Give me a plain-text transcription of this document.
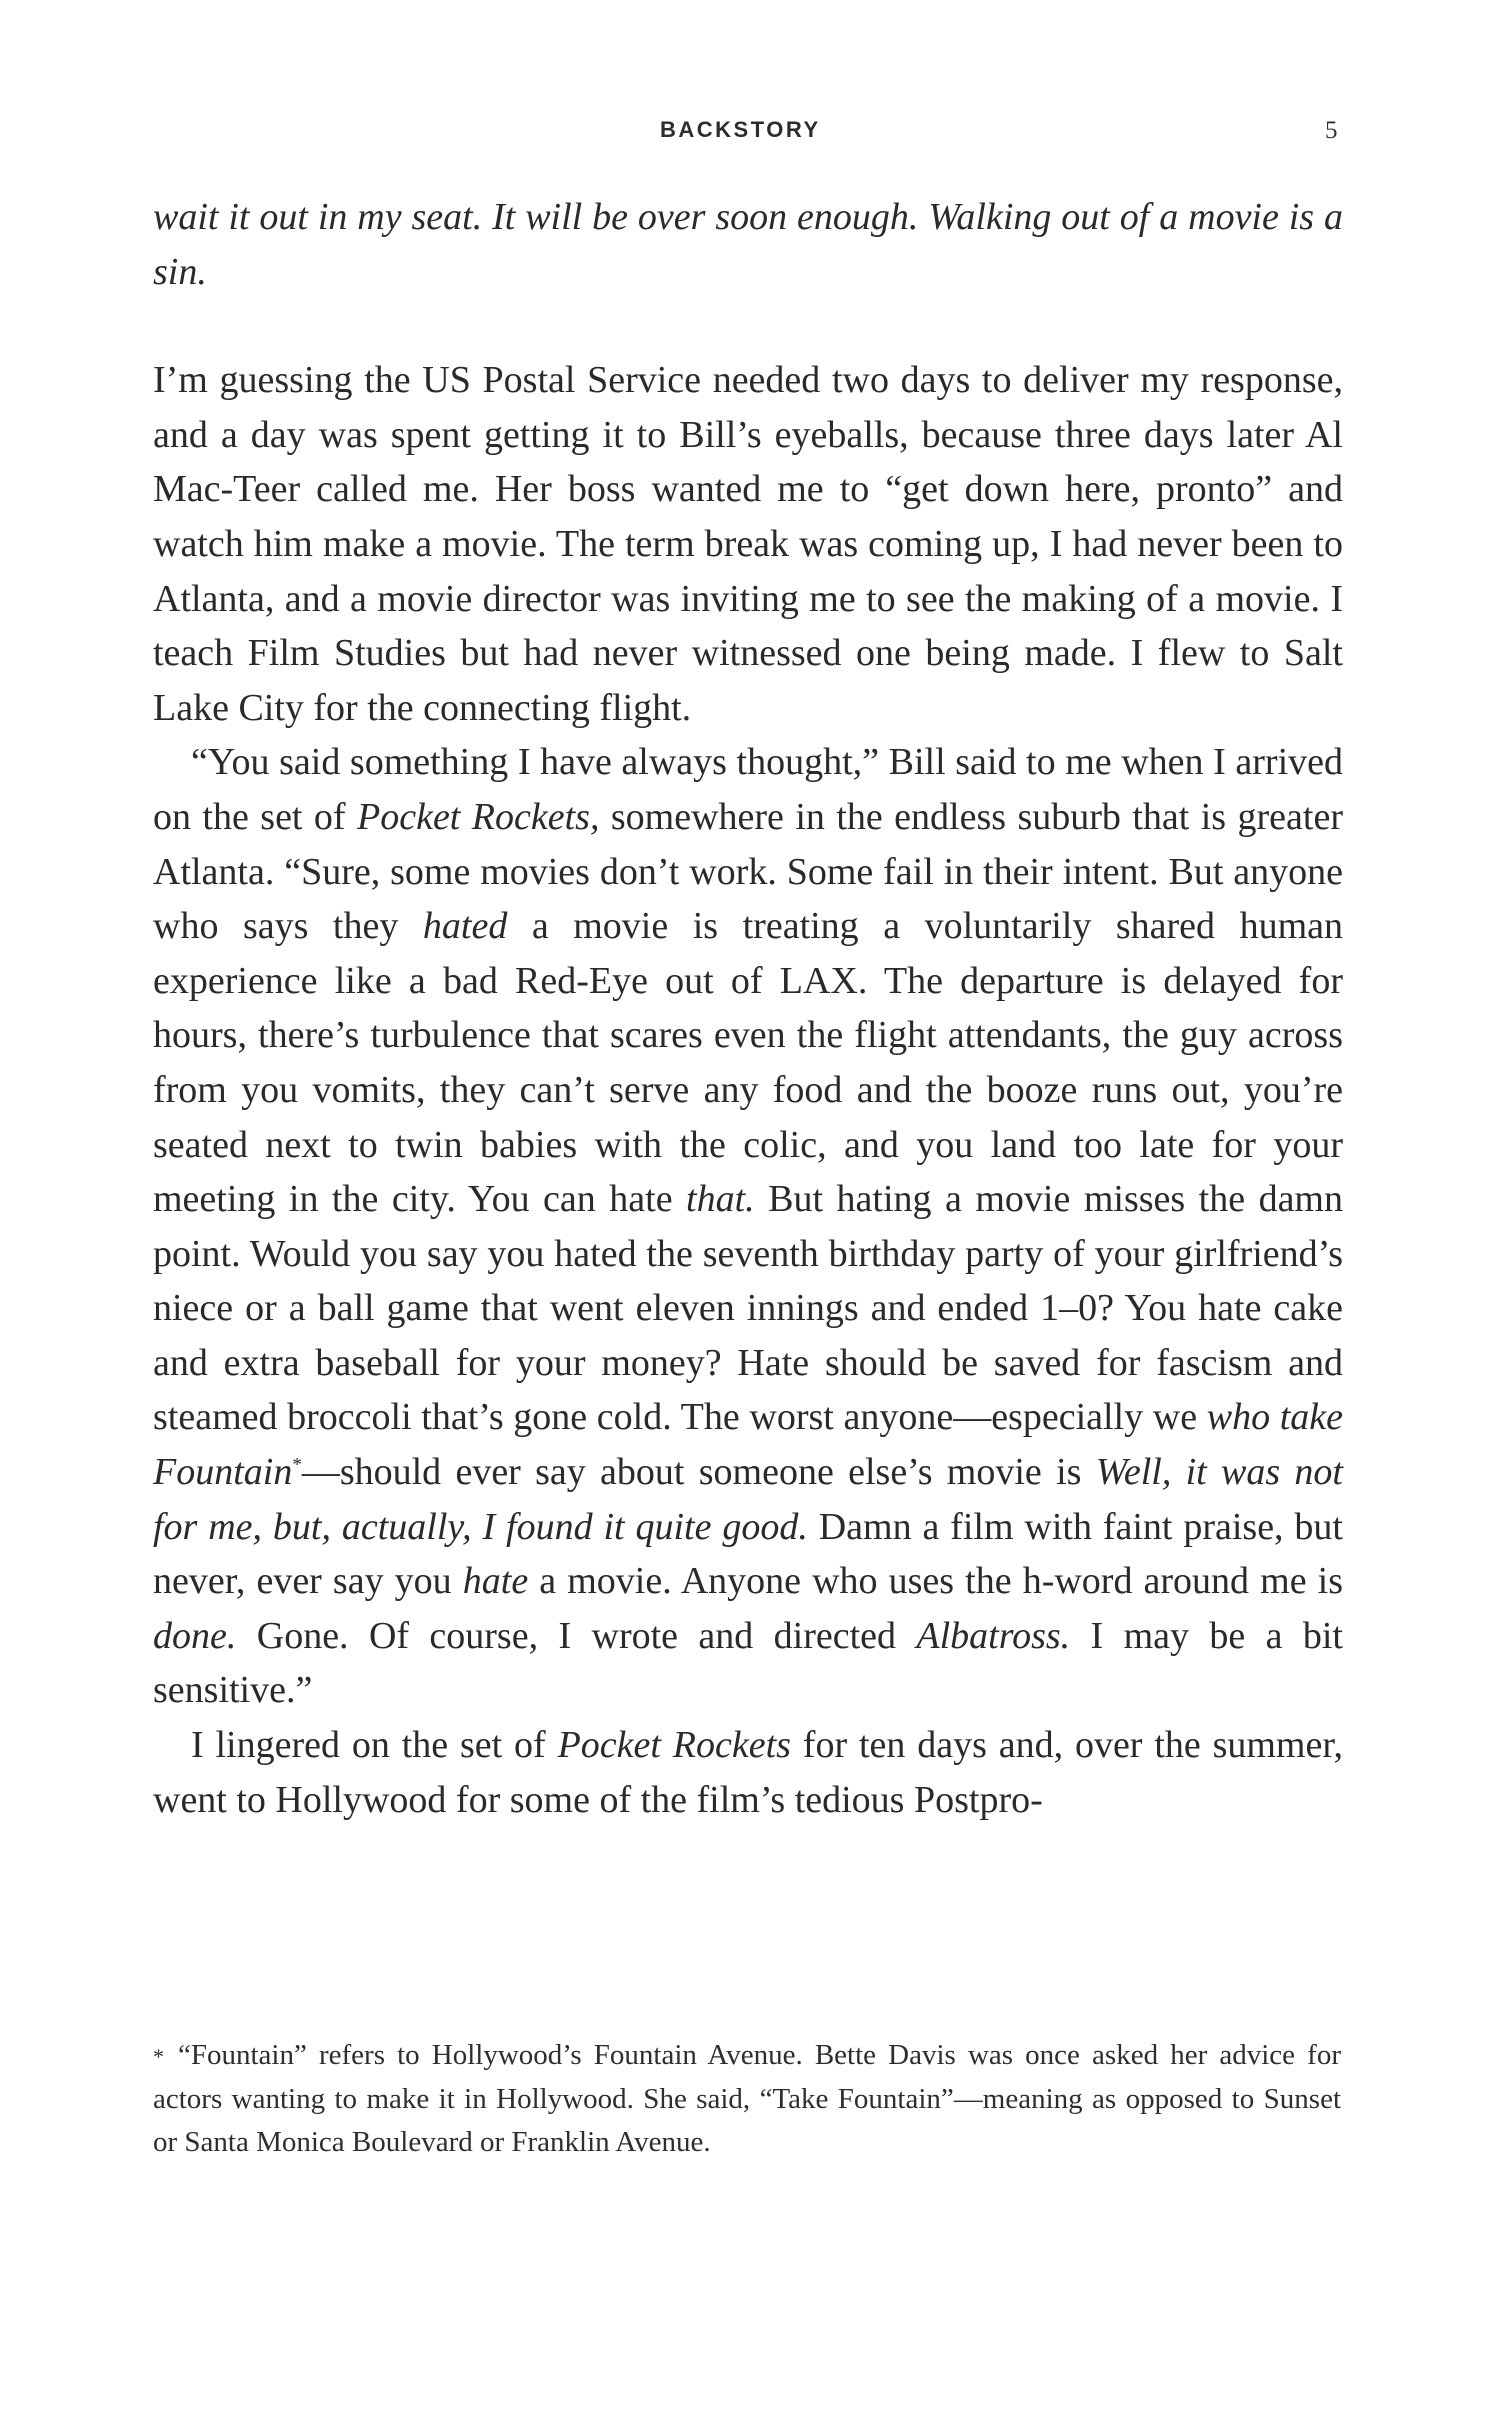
BACKSTORY	5

wait it out in my seat. It will be over soon enough. Walking out of a movie is a sin.

I’m guessing the US Postal Service needed two days to deliver my response, and a day was spent getting it to Bill’s eyeballs, because three days later Al Mac-Teer called me. Her boss wanted me to “get down here, pronto” and watch him make a movie. The term break was coming up, I had never been to Atlanta, and a movie director was inviting me to see the making of a movie. I teach Film Studies but had never witnessed one being made. I flew to Salt Lake City for the connecting flight.

“You said something I have always thought,” Bill said to me when I arrived on the set of Pocket Rockets, somewhere in the endless suburb that is greater Atlanta. “Sure, some movies don’t work. Some fail in their intent. But anyone who says they hated a movie is treating a voluntarily shared human experience like a bad Red-Eye out of LAX. The departure is delayed for hours, there’s turbulence that scares even the flight attendants, the guy across from you vomits, they can’t serve any food and the booze runs out, you’re seated next to twin babies with the colic, and you land too late for your meeting in the city. You can hate that. But hating a movie misses the damn point. Would you say you hated the seventh birthday party of your girlfriend’s niece or a ball game that went eleven innings and ended 1–0? You hate cake and extra baseball for your money? Hate should be saved for fascism and steamed broccoli that’s gone cold. The worst anyone—especially we who take Fountain*—should ever say about someone else’s movie is Well, it was not for me, but, actually, I found it quite good. Damn a film with faint praise, but never, ever say you hate a movie. Anyone who uses the h-word around me is done. Gone. Of course, I wrote and directed Albatross. I may be a bit sensitive.”

I lingered on the set of Pocket Rockets for ten days and, over the summer, went to Hollywood for some of the film’s tedious Postpro-

* “Fountain” refers to Hollywood’s Fountain Avenue. Bette Davis was once asked her advice for actors wanting to make it in Hollywood. She said, “Take Fountain”—meaning as opposed to Sunset or Santa Monica Boulevard or Franklin Avenue.
